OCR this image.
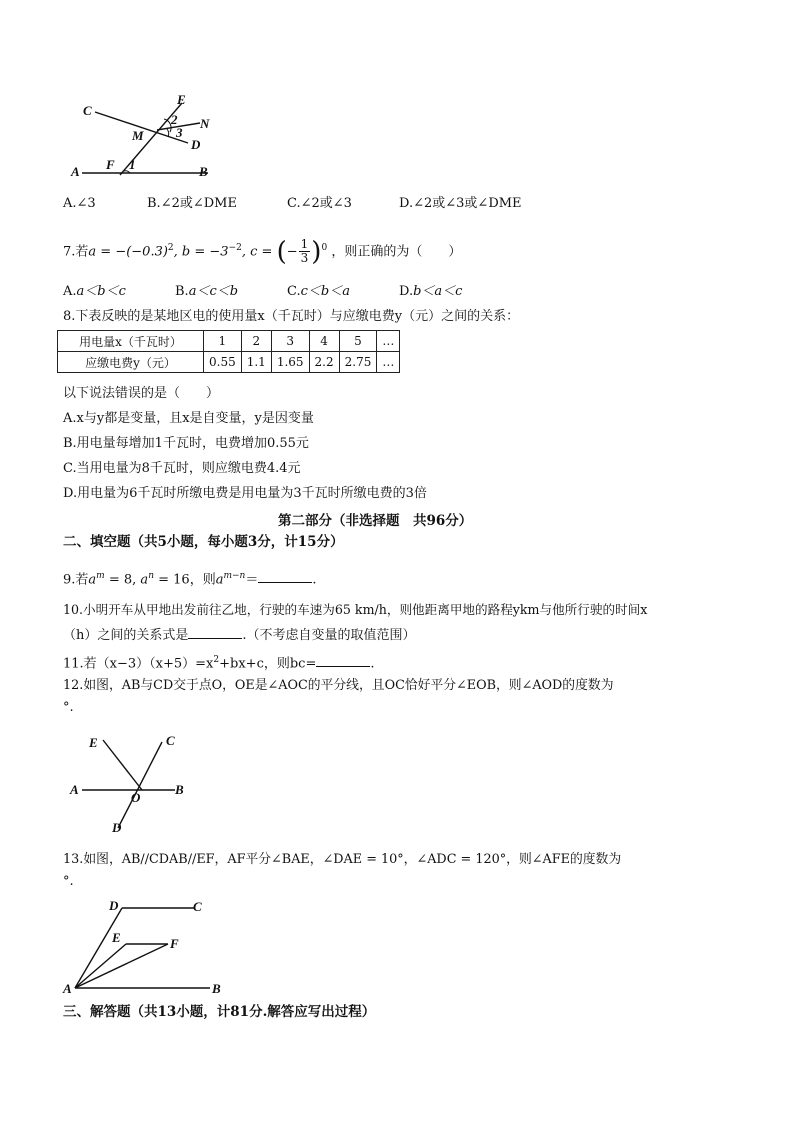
C
E
N
M
2
3
D
A F 1	B
A.∠3	B.∠2或∠DME	C.∠2或∠3	D.∠2或∠3或∠DME
7.若$a = -(-0.3)^2$, $b = -3^{-2}$, c = (− $\frac{1}{3} )^0$ ，则正确的为（　　）
A.a＜b＜c	B.a＜c＜b	C.c＜b＜a	D.b＜a＜c
8.下表反映的是某地区电的使用量x（千瓦时）与应缴电费y（元）之间的关系：
用电量x（千瓦时）	1	2	3	4	5	…
应缴电费y（元）	0.55	1.1	1.65	2.2	2.75	…
以下说法错误的是（　　）
A.x与y都是变量，且x是自变量，y是因变量
B.用电量每增加1千瓦时，电费增加0.55元
C.当用电量为8千瓦时，则应缴电费4.4元
D.用电量为6千瓦时所缴电费是用电量为3千瓦时所缴电费的3倍
第二部分（非选择题　共96分）
二、填空题（共5小题，每小题3分，计15分）
9.若$a^m = 8$, $a^n = 16$，则$a^{m-n}=$	.
10.小明开车从甲地出发前往乙地，行驶的车速为65 km/h，则他距离甲地的路程ykm与他所行驶的时间x
（h）之间的关系式是	.（不考虑自变量的取值范围）
11.若$(x-3)(x+5)=x^2+bx+c$，则bc=	.
12.如图，AB与CD交于点O，OE是∠AOC的平分线，且OC恰好平分∠EOB，则∠AOD的度数为
°.
E	C
A
O
B
D
13.如图，AB//CDAB//EF，AF平分∠BAE，∠DAE = 10°，∠ADC = 120°，则∠AFE的度数为
°.
D	C
E	F
A	B
三、解答题（共13小题，计81分.解答应写出过程）
